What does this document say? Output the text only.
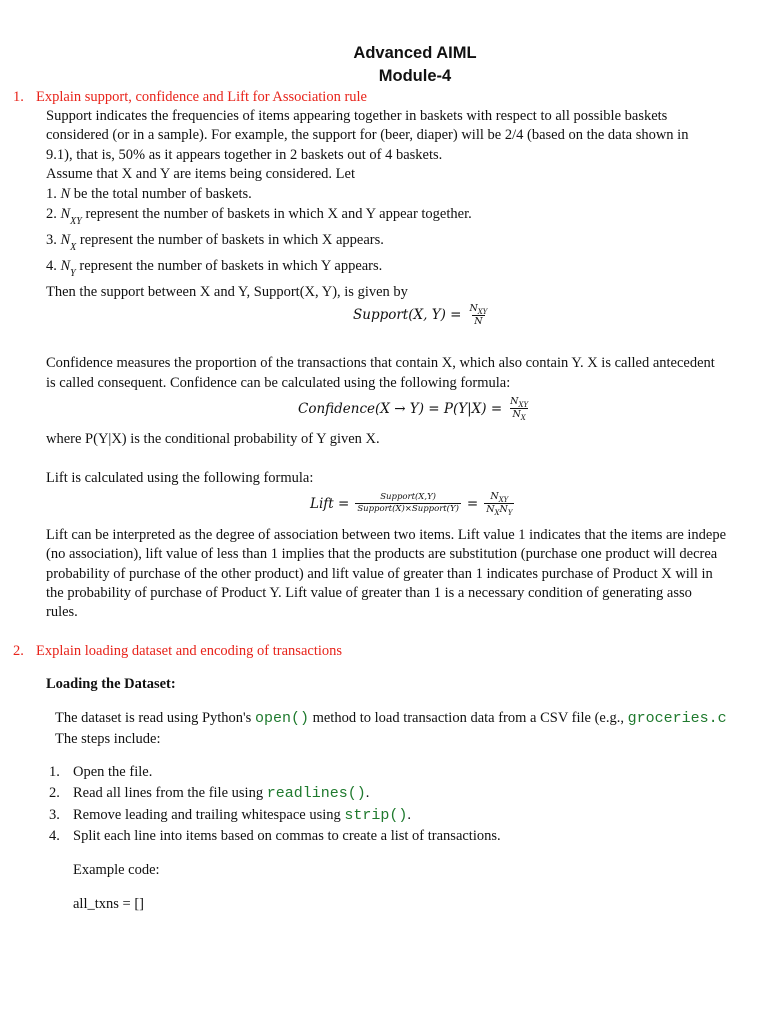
Advanced AIML
Module-4
1. Explain support, confidence and Lift for Association rule
Support indicates the frequencies of items appearing together in baskets with respect to all possible baskets
considered (or in a sample). For example, the support for (beer, diaper) will be 2/4 (based on the data shown in
9.1), that is, 50% as it appears together in 2 baskets out of 4 baskets.
Assume that X and Y are items being considered. Let
1. N be the total number of baskets.
2. $N_{XY}$ represent the number of baskets in which X and Y appear together.
3. $N_X$ represent the number of baskets in which X appears.
4. $N_Y$ represent the number of baskets in which Y appears.
Then the support between X and Y, Support(X, Y), is given by
Support(X, $Y) = \frac{N_{XY}}{N}$
Confidence measures the proportion of the transactions that contain X, which also contain Y. X is called antecedent
is called consequent. Confidence can be calculated using the following formula:
Confidence(X → $Y) = P(Y|X) = \frac{N_{XY}}{N_X}$
where P(Y|X) is the conditional probability of Y given X.
Lift is calculated using the following formula:
Lift = $\frac{\text{Support(X,Y)}}{\text{Support(X)×Support(Y)}} = \frac{N_{XY}}{N_XN_Y}$
Lift can be interpreted as the degree of association between two items. Lift value 1 indicates that the items are indepe
(no association), lift value of less than 1 implies that the products are substitution (purchase one product will decrea
probability of purchase of the other product) and lift value of greater than 1 indicates purchase of Product X will in
the probability of purchase of Product Y. Lift value of greater than 1 is a necessary condition of generating asso
rules.
2. Explain loading dataset and encoding of transactions
Loading the Dataset:
The dataset is read using Python's open() method to load transaction data from a CSV file (e.g., groceries.c
The steps include:
1. Open the file.
2. Read all lines from the file using readlines().
3. Remove leading and trailing whitespace using strip().
4. Split each line into items based on commas to create a list of transactions.
Example code:
all_txns = []
